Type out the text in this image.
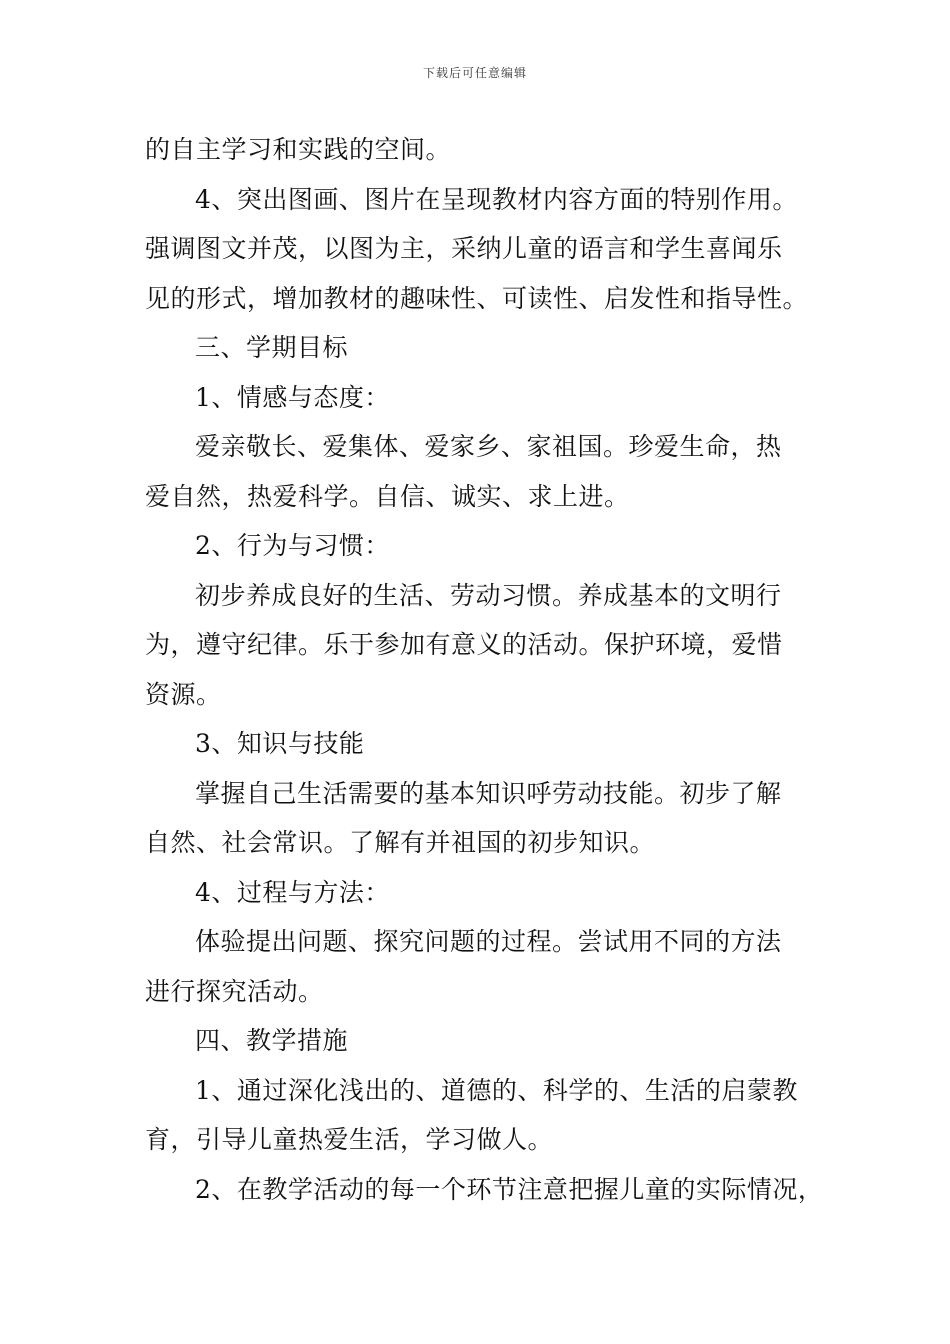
下载后可任意编辑
的自主学习和实践的空间。
4、突出图画、图片在呈现教材内容方面的特别作用。
强调图文并茂，以图为主，采纳儿童的语言和学生喜闻乐
见的形式，增加教材的趣味性、可读性、启发性和指导性。
三、学期目标
1、情感与态度：
爱亲敬长、爱集体、爱家乡、家祖国。珍爱生命，热
爱自然，热爱科学。自信、诚实、求上进。
2、行为与习惯：
初步养成良好的生活、劳动习惯。养成基本的文明行
为，遵守纪律。乐于参加有意义的活动。保护环境，爱惜
资源。
3、知识与技能
掌握自己生活需要的基本知识呼劳动技能。初步了解
自然、社会常识。了解有并祖国的初步知识。
4、过程与方法：
体验提出问题、探究问题的过程。尝试用不同的方法
进行探究活动。
四、教学措施
1、通过深化浅出的、道德的、科学的、生活的启蒙教
育，引导儿童热爱生活，学习做人。
2、在教学活动的每一个环节注意把握儿童的实际情况，
